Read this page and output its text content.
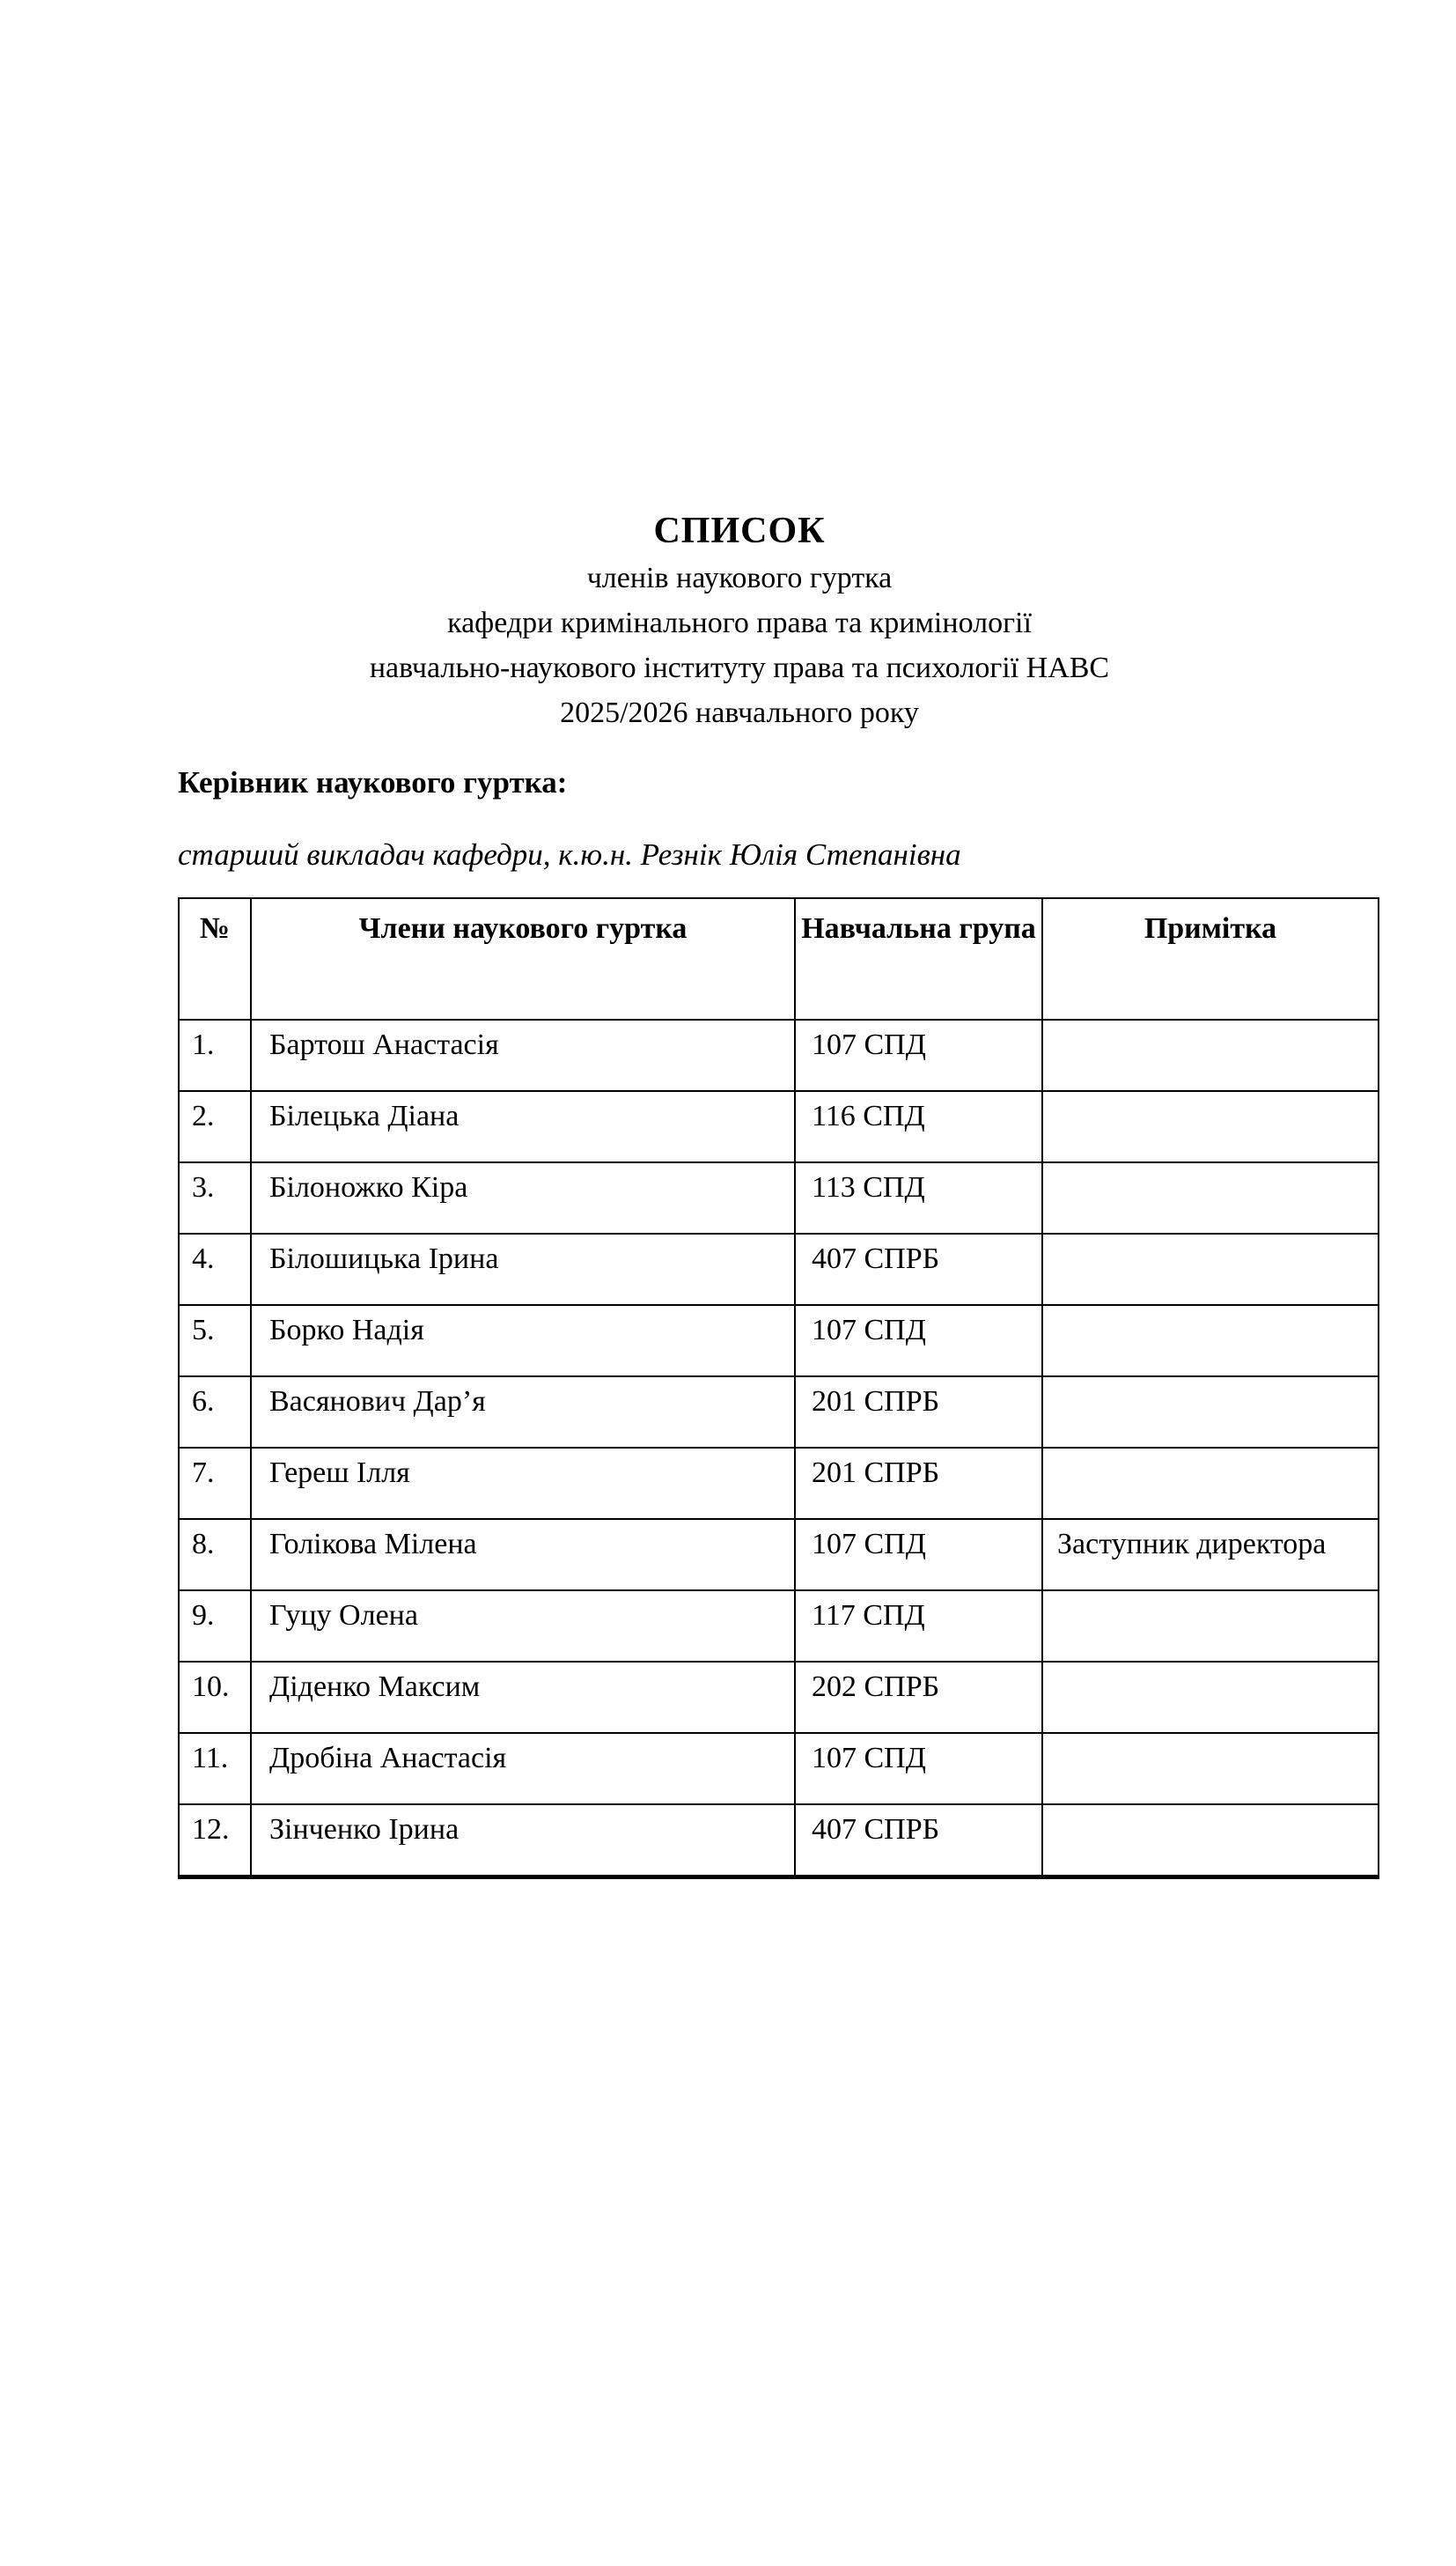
СПИСОК
членів наукового гуртка
кафедри кримінального права та кримінології
навчально-наукового інституту права та психології НАВС
2025/2026 навчального року
Керівник наукового гуртка:
старший викладач кафедри, к.ю.н. Резнік Юлія Степанівна
№	Члени наукового гуртка	Навчальна група	Примітка
1.	Бартош Анастасія	107 СПД	
2.	Білецька Діана	116 СПД	
3.	Білоножко Кіра	113 СПД	
4.	Білошицька Ірина	407 СПРБ	
5.	Борко Надія	107 СПД	
6.	Васянович Дар’я	201 СПРБ	
7.	Гереш Ілля	201 СПРБ	
8.	Голікова Мілена	107 СПД	Заступник директора
9.	Гуцу Олена	117 СПД	
10.	Діденко Максим	202 СПРБ	
11.	Дробіна Анастасія	107 СПД	
12.	Зінченко Ірина	407 СПРБ	
